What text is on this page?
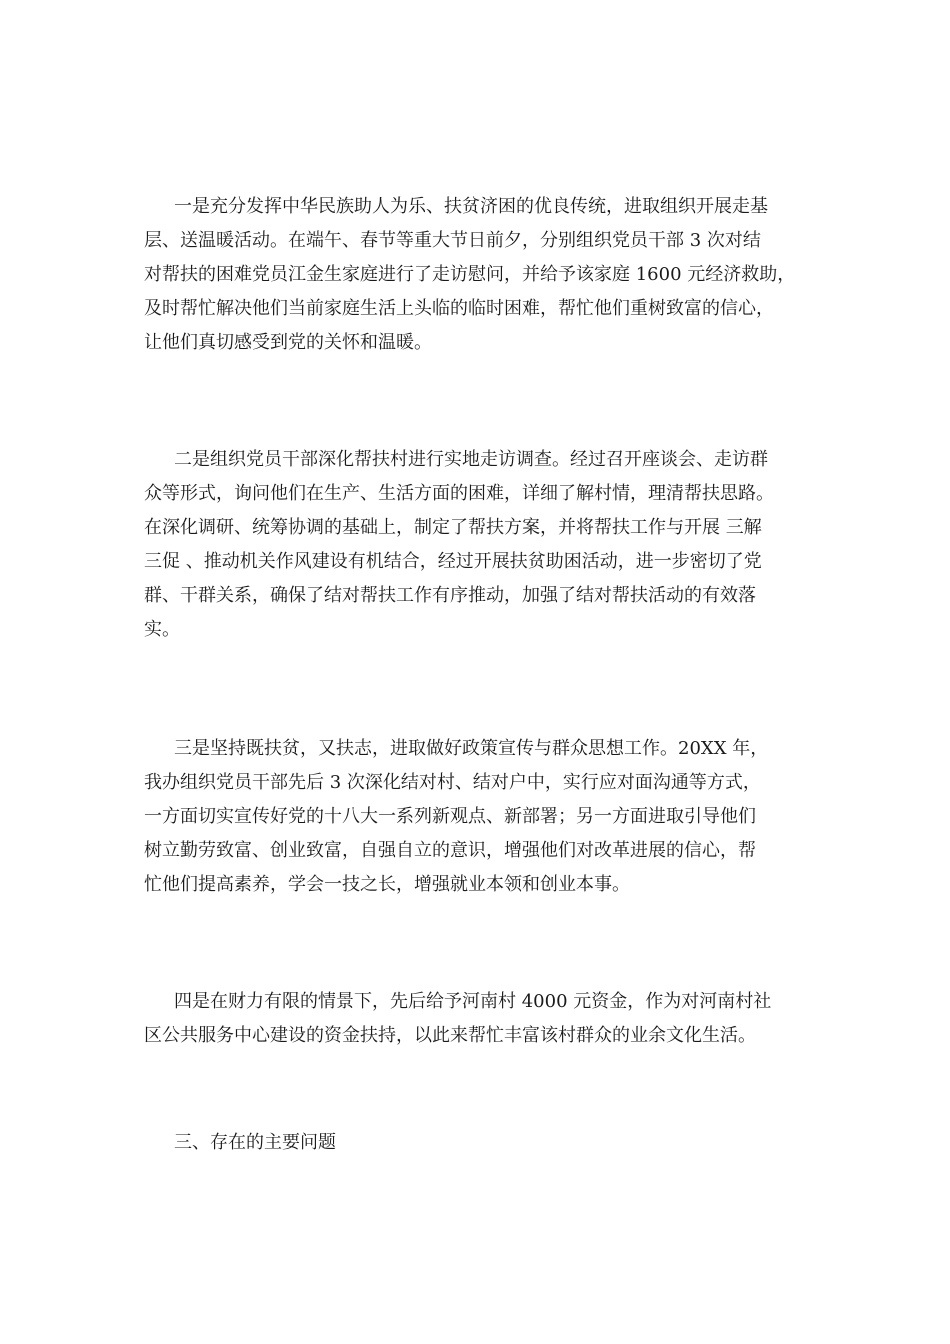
一是充分发挥中华民族助人为乐、扶贫济困的优良传统，进取组织开展走基
层、送温暖活动。在端午、春节等重大节日前夕，分别组织党员干部 3 次对结
对帮扶的困难党员江金生家庭进行了走访慰问，并给予该家庭 1600 元经济救助，
及时帮忙解决他们当前家庭生活上头临的临时困难，帮忙他们重树致富的信心，
让他们真切感受到党的关怀和温暖。
二是组织党员干部深化帮扶村进行实地走访调查。经过召开座谈会、走访群
众等形式，询问他们在生产、生活方面的困难，详细了解村情，理清帮扶思路。
在深化调研、统筹协调的基础上，制定了帮扶方案，并将帮扶工作与开展 三解
三促 、推动机关作风建设有机结合，经过开展扶贫助困活动，进一步密切了党
群、干群关系，确保了结对帮扶工作有序推动，加强了结对帮扶活动的有效落
实。
三是坚持既扶贫，又扶志，进取做好政策宣传与群众思想工作。20XX 年，
我办组织党员干部先后 3 次深化结对村、结对户中，实行应对面沟通等方式，
一方面切实宣传好党的十八大一系列新观点、新部署；另一方面进取引导他们
树立勤劳致富、创业致富，自强自立的意识，增强他们对改革进展的信心，帮
忙他们提高素养，学会一技之长，增强就业本领和创业本事。
四是在财力有限的情景下，先后给予河南村 4000 元资金，作为对河南村社
区公共服务中心建设的资金扶持，以此来帮忙丰富该村群众的业余文化生活。
三、存在的主要问题
